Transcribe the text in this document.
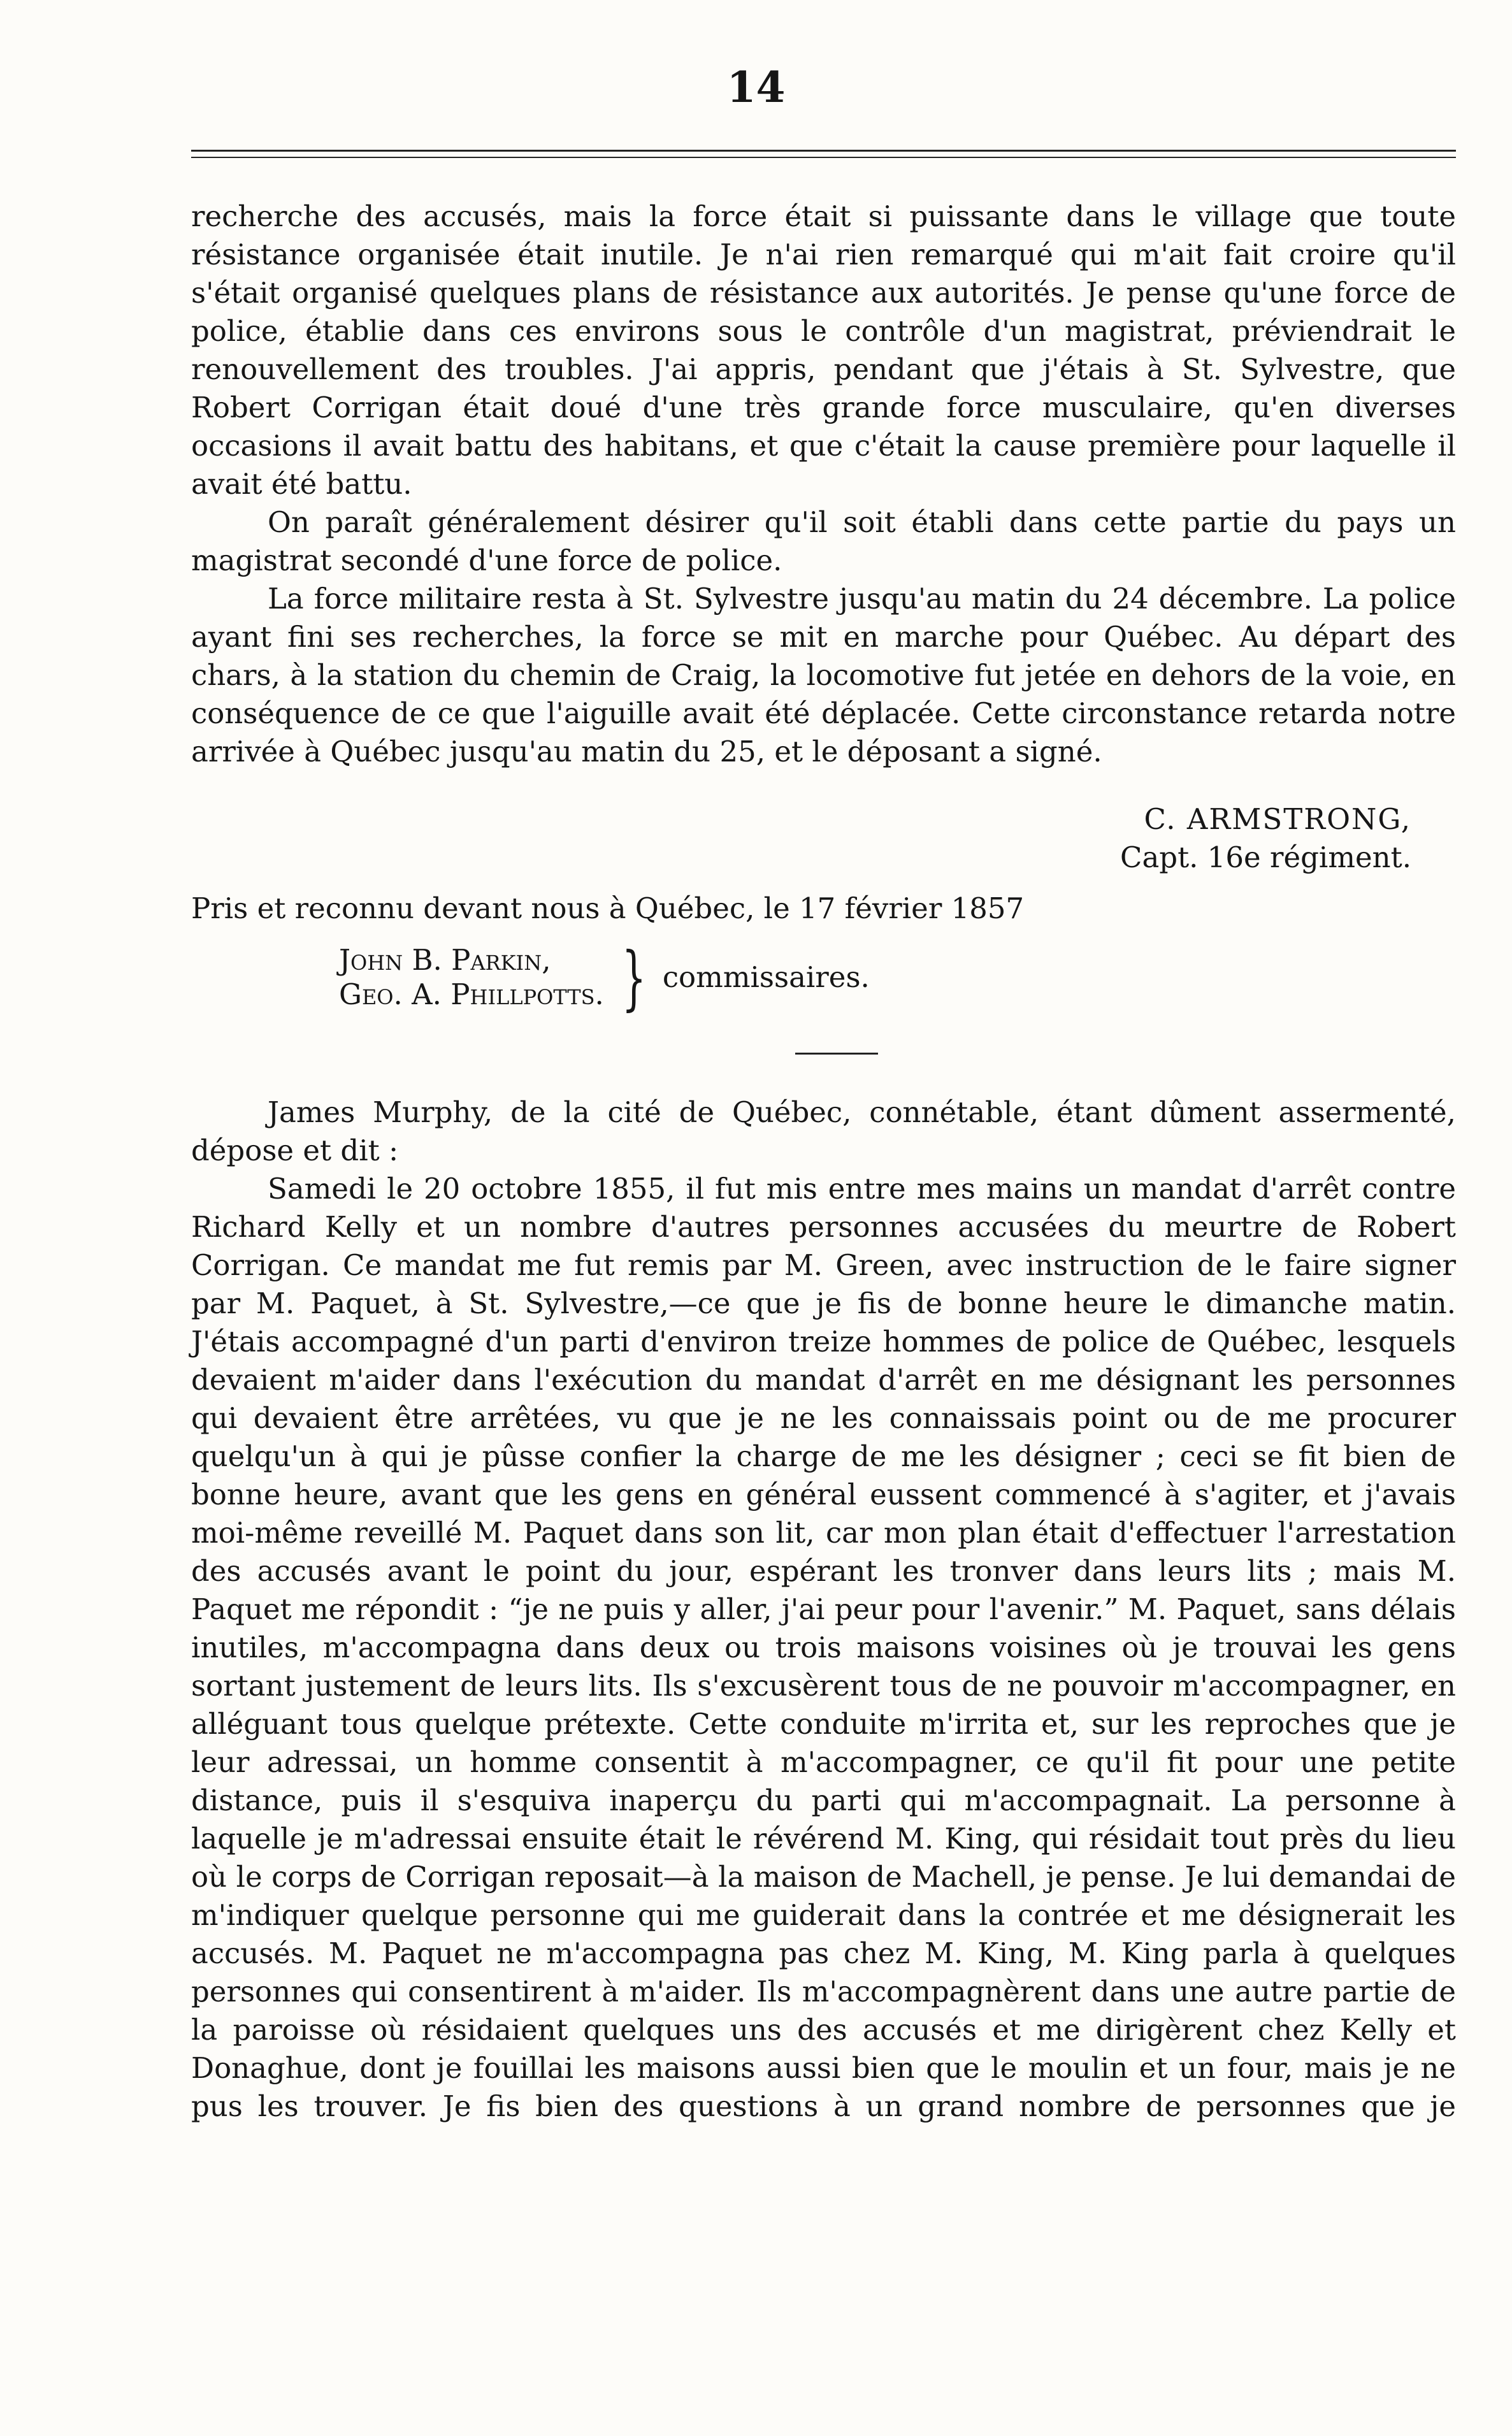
14

recherche des accusés, mais la force était si puissante dans le village que toute résistance organisée était inutile. Je n'ai rien remarqué qui m'ait fait croire qu'il s'était organisé quelques plans de résistance aux autorités. Je pense qu'une force de police, établie dans ces environs sous le contrôle d'un magistrat, préviendrait le renouvellement des troubles. J'ai appris, pendant que j'étais à St. Sylvestre, que Robert Corrigan était doué d'une très grande force musculaire, qu'en diverses occasions il avait battu des habitans, et que c'était la cause première pour laquelle il avait été battu.

On paraît généralement désirer qu'il soit établi dans cette partie du pays un magistrat secondé d'une force de police.

La force militaire resta à St. Sylvestre jusqu'au matin du 24 décembre. La police ayant fini ses recherches, la force se mit en marche pour Québec. Au départ des chars, à la station du chemin de Craig, la locomotive fut jetée en dehors de la voie, en conséquence de ce que l'aiguille avait été déplacée. Cette circonstance retarda notre arrivée à Québec jusqu'au matin du 25, et le déposant a signé.

C. ARMSTRONG,
Capt. 16e régiment.
Pris et reconnu devant nous à Québec, le 17 février 1857
John B. Parkin,
Geo. A. Phillpotts. } commissaires.

James Murphy, de la cité de Québec, connétable, étant dûment assermenté, dépose et dit :

Samedi le 20 octobre 1855, il fut mis entre mes mains un mandat d'arrêt contre Richard Kelly et un nombre d'autres personnes accusées du meurtre de Robert Corrigan. Ce mandat me fut remis par M. Green, avec instruction de le faire signer par M. Paquet, à St. Sylvestre,—ce que je fis de bonne heure le dimanche matin. J'étais accompagné d'un parti d'environ treize hommes de police de Québec, lesquels devaient m'aider dans l'exécution du mandat d'arrêt en me désignant les personnes qui devaient être arrêtées, vu que je ne les connaissais point ou de me procurer quelqu'un à qui je pûsse confier la charge de me les désigner ; ceci se fit bien de bonne heure, avant que les gens en général eussent commencé à s'agiter, et j'avais moi-même reveillé M. Paquet dans son lit, car mon plan était d'effectuer l'arrestation des accusés avant le point du jour, espérant les tronver dans leurs lits ; mais M. Paquet me répondit : “je ne puis y aller, j'ai peur pour l'avenir.” M. Paquet, sans délais inutiles, m'accompagna dans deux ou trois maisons voisines où je trouvai les gens sortant justement de leurs lits. Ils s'excusèrent tous de ne pouvoir m'accompagner, en alléguant tous quelque prétexte. Cette conduite m'irrita et, sur les reproches que je leur adressai, un homme consentit à m'accompagner, ce qu'il fit pour une petite distance, puis il s'esquiva inaperçu du parti qui m'accompagnait. La personne à laquelle je m'adressai ensuite était le révérend M. King, qui résidait tout près du lieu où le corps de Corrigan reposait—à la maison de Machell, je pense. Je lui demandai de m'indiquer quelque personne qui me guiderait dans la contrée et me désignerait les accusés. M. Paquet ne m'accompagna pas chez M. King, M. King parla à quelques personnes qui consentirent à m'aider. Ils m'accompagnèrent dans une autre partie de la paroisse où résidaient quelques uns des accusés et me dirigèrent chez Kelly et Donaghue, dont je fouillai les maisons aussi bien que le moulin et un four, mais je ne pus les trouver. Je fis bien des questions à un grand nombre de personnes que je
